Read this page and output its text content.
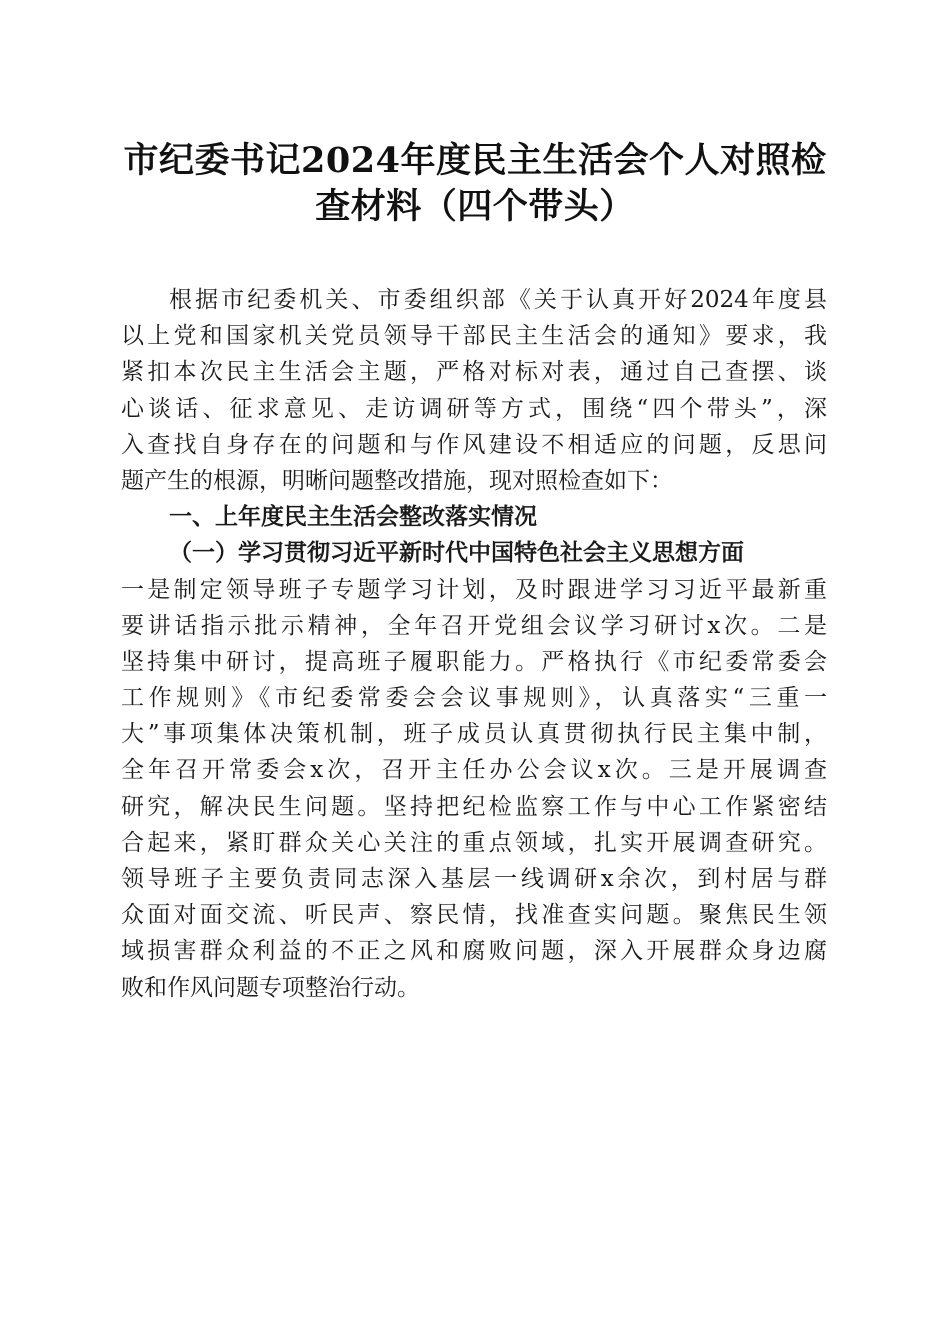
市纪委书记2024年度民主生活会个人对照检
查材料（四个带头）
根据市纪委机关、市委组织部《关于认真开好2024年度县
以上党和国家机关党员领导干部民主生活会的通知》要求，我
紧扣本次民主生活会主题，严格对标对表，通过自己查摆、谈
心谈话、征求意见、走访调研等方式，围绕“四个带头”，深
入查找自身存在的问题和与作风建设不相适应的问题，反思问
题产生的根源，明晰问题整改措施，现对照检查如下：
一、上年度民主生活会整改落实情况
（一）学习贯彻习近平新时代中国特色社会主义思想方面
一是制定领导班子专题学习计划，及时跟进学习习近平最新重
要讲话指示批示精神，全年召开党组会议学习研讨x次。二是
坚持集中研讨，提高班子履职能力。严格执行《市纪委常委会
工作规则》《市纪委常委会会议事规则》，认真落实“三重一
大”事项集体决策机制，班子成员认真贯彻执行民主集中制，
全年召开常委会x次，召开主任办公会议x次。三是开展调查
研究，解决民生问题。坚持把纪检监察工作与中心工作紧密结
合起来，紧盯群众关心关注的重点领域，扎实开展调查研究。
领导班子主要负责同志深入基层一线调研x余次，到村居与群
众面对面交流、听民声、察民情，找准查实问题。聚焦民生领
域损害群众利益的不正之风和腐败问题，深入开展群众身边腐
败和作风问题专项整治行动。
